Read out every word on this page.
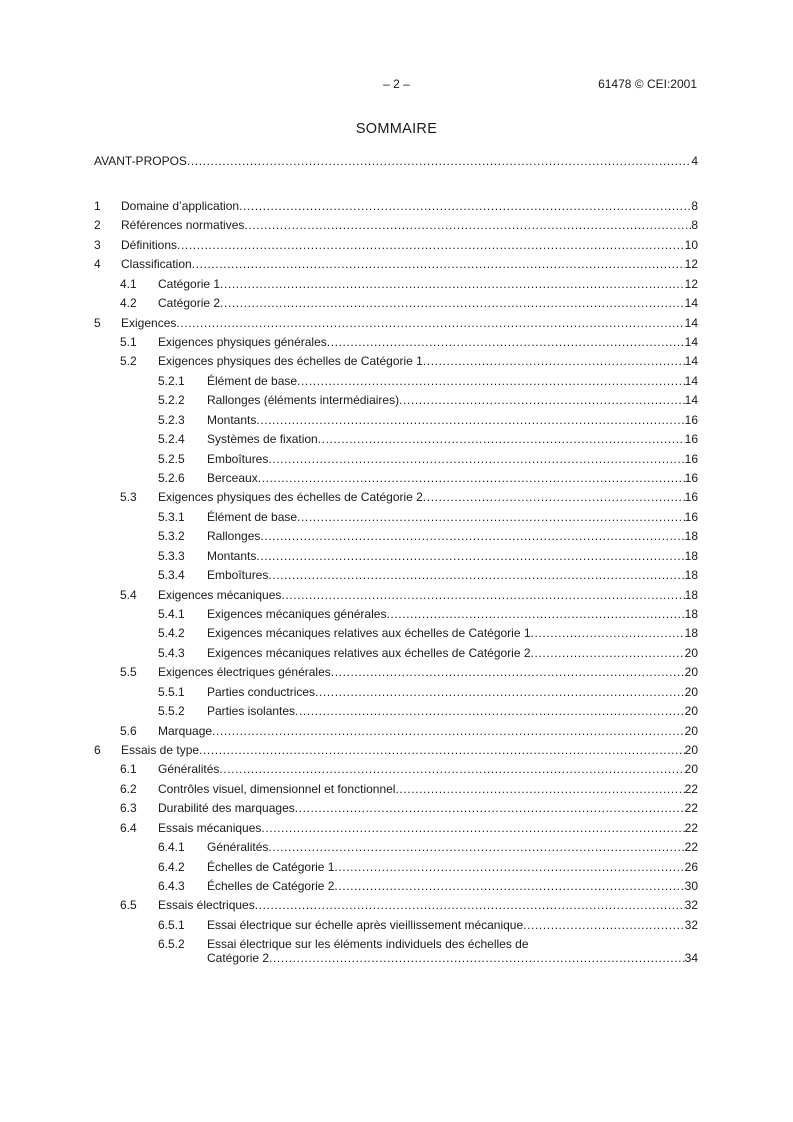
– 2 –	61478 © CEI:2001
SOMMAIRE
AVANT-PROPOS .....	4
1 Domaine d’application .....	8
2 Références normatives .....	8
3 Définitions .....	10
4 Classification .....	12
4.1 Catégorie 1 .....	12
4.2 Catégorie 2 .....	14
5 Exigences .....	14
5.1 Exigences physiques générales .....	14
5.2 Exigences physiques des échelles de Catégorie 1 .....	14
5.2.1 Élément de base .....	14
5.2.2 Rallonges (éléments intermédiaires) .....	14
5.2.3 Montants .....	16
5.2.4 Systèmes de fixation .....	16
5.2.5 Emboîtures .....	16
5.2.6 Berceaux .....	16
5.3 Exigences physiques des échelles de Catégorie 2 .....	16
5.3.1 Élément de base .....	16
5.3.2 Rallonges .....	18
5.3.3 Montants .....	18
5.3.4 Emboîtures .....	18
5.4 Exigences mécaniques .....	18
5.4.1 Exigences mécaniques générales .....	18
5.4.2 Exigences mécaniques relatives aux échelles de Catégorie 1 .....	18
5.4.3 Exigences mécaniques relatives aux échelles de Catégorie 2 .....	20
5.5 Exigences électriques générales .....	20
5.5.1 Parties conductrices .....	20
5.5.2 Parties isolantes .....	20
5.6 Marquage .....	20
6 Essais de type .....	20
6.1 Généralités .....	20
6.2 Contrôles visuel, dimensionnel et fonctionnel .....	22
6.3 Durabilité des marquages .....	22
6.4 Essais mécaniques .....	22
6.4.1 Généralités .....	22
6.4.2 Échelles de Catégorie 1 .....	26
6.4.3 Échelles de Catégorie 2 .....	30
6.5 Essais électriques .....	32
6.5.1 Essai électrique sur échelle après vieillissement mécanique .....	32
6.5.2 Essai électrique sur les éléments individuels des échelles de
Catégorie 2 .....	34
